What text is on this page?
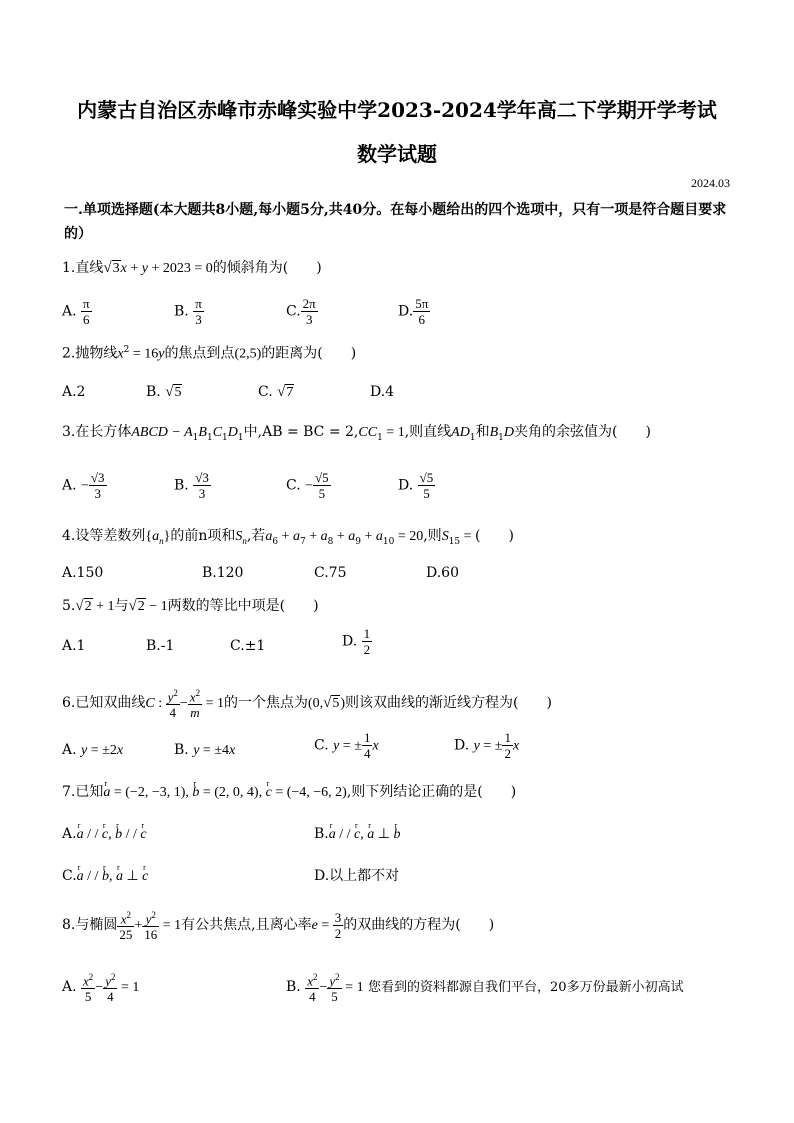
内蒙古自治区赤峰市赤峰实验中学2023-2024学年高二下学期开学考试
数学试题
2024.03
一.单项选择题(本大题共8小题,每小题5分,共40分。在每小题给出的四个选项中，只有一项是符合题目要求的）
1.直线√3x + y + 2023 = 0的倾斜角为(　　)
A. $\frac{\pi}{6}$	B. $\frac{\pi}{3}$	C. $\frac{2\pi}{3}$	D. $\frac{5\pi}{6}$
2.抛物线$x^2 = 16y$的焦点到点(2,5)的距离为(　　)
A.2	B. √5	C. √7	D.4
3.在长方体ABCD − $A_1B_1C_1D_1$中,AB = BC = $2,CC_1 = 1$,则直线$AD_1$和$B_1D$夹角的余弦值为(　　)
A. − $\frac{√3}{3}$	B. $\frac{√3}{3}$	C. − $\frac{√5}{5}$	D. $\frac{√5}{5}$
4.设等差数列$\{a_n\}$的前n项和$S_n$,若$a_6 + a_7 + a_8 + a_9 + a_{10} = 20$,则$S_{15}$ = (　　)
A.150	B.120	C.75	D.60
5.√2 + 1与√2 − 1两数的等比中项是(　　)
A.1	B.-1	C.±1	D. $\frac{1}{2}$
6.已知双曲线C : $\frac{y^2}{4} - \frac{x^2}{m} = 1$的一个焦点为(0,√5)则该双曲线的渐近线方程为(　　)
A. y = ±2x	B. y = ±4x	C. y = ± $\frac{1}{4}$ x	D. y = ± $\frac{1}{2}$ x
7.已知r a = (−2, −3, 1), r b = (2, 0, 4), r c = (−4, −6, 2),则下列结论正确的是(　　)
A.r a / / r c, r b / / r c	B.r a / / r c, r a ⊥ r b
C.r a / / r b, r a ⊥ r c	D.以上都不对
8.与椭圆 $\frac{x^2}{25} + \frac{y^2}{16} = 1$有公共焦点,且离心率$e = \frac{3}{2}$ 的双曲线的方程为(　　)
A. $\frac{x^2}{5} - \frac{y^2}{4} = 1$	B. $\frac{x^2}{4} - \frac{y^2}{5} = 1$ 您看到的资料都源自我们平台，20多万份最新小初高试
